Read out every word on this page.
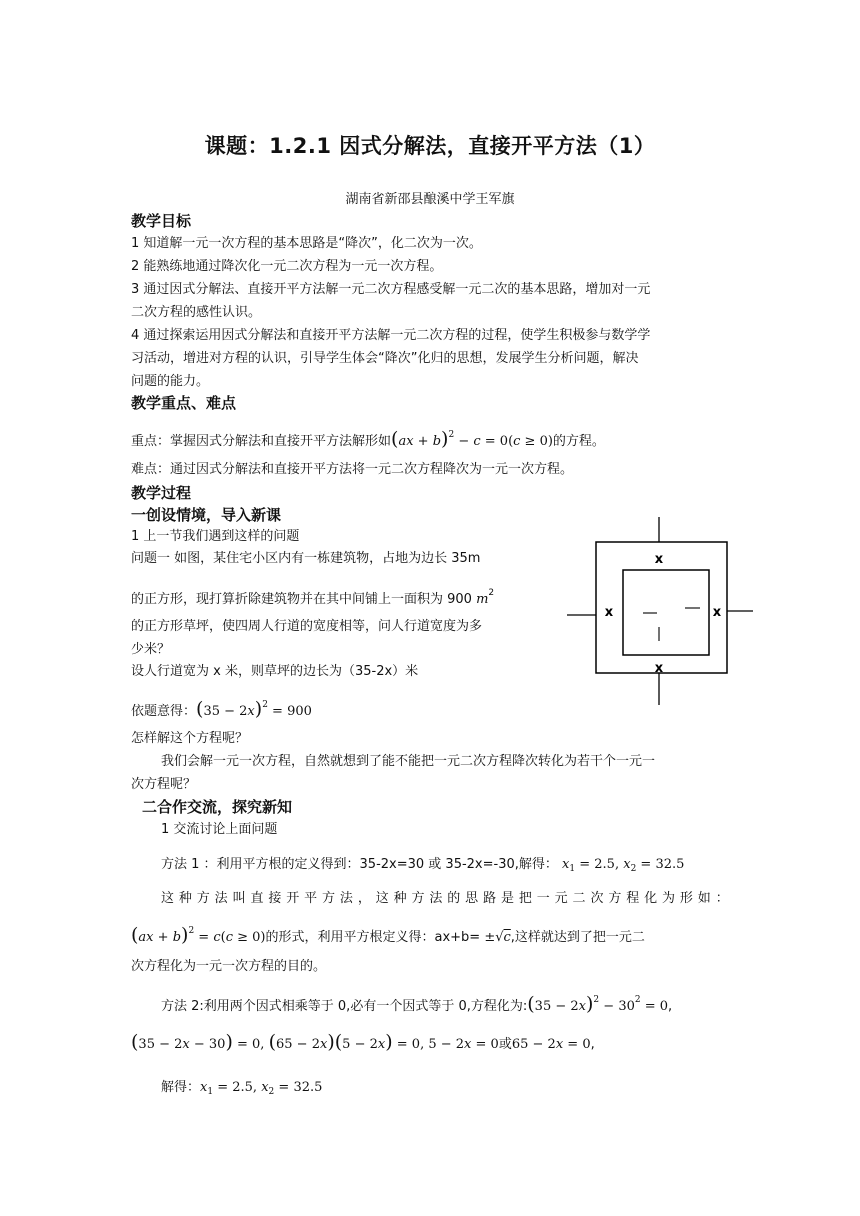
课题：1.2.1 因式分解法，直接开平方法（1）
湖南省新邵县酿溪中学王军旗
教学目标
1 知道解一元一次方程的基本思路是“降次”，化二次为一次。
2 能熟练地通过降次化一元二次方程为一元一次方程。
3 通过因式分解法、直接开平方法解一元二次方程感受解一元二次的基本思路，增加对一元
二次方程的感性认识。
4 通过探索运用因式分解法和直接开平方法解一元二次方程的过程，使学生积极参与数学学
习活动，增进对方程的认识，引导学生体会“降次”化归的思想，发展学生分析问题，解决
问题的能力。
教学重点、难点
重点：掌握因式分解法和直接开平方法解形如(ax + b)$^2$ − c = 0(c ≥ 0)的方程。
难点：通过因式分解法和直接开平方法将一元二次方程降次为一元一次方程。
教学过程
一创设情境，导入新课
1 上一节我们遇到这样的问题
问题一 如图，某住宅小区内有一栋建筑物，占地为边长 35m
的正方形，现打算折除建筑物并在其中间铺上一面积为 900 $m^2$
的正方形草坪，使四周人行道的宽度相等，问人行道宽度为多
少米？
设人行道宽为 x 米，则草坪的边长为（35-2x）米
依题意得：$(35 - 2x)^2 = 900$
怎样解这个方程呢？
我们会解一元一次方程，自然就想到了能不能把一元二次方程降次转化为若干个一元一
次方程呢？
二合作交流，探究新知
1 交流讨论上面问题
方法 1 ：利用平方根的定义得到：35-2x=30 或 35-2x=-30,解得： $x_1 = 2.5$, $x_2 = 32.5$
这种方法叫直接开平方法，这种方法的思路是把一元二次方程化为形如：
(ax + b)$^2$ = c(c ≥ 0)的形式，利用平方根定义得：ax+b= ±√c,这样就达到了把一元二
次方程化为一元一次方程的目的。
方法 2:利用两个因式相乘等于 0,必有一个因式等于 0,方程化为:(35 − $2x)^2 - 30^2 = 0$,
(35 − 2x − 30) = 0, (65 − 2x)(5 − 2x) = 0, 5 − 2x = 0或65 − 2x = 0,
解得：$x_1 = 2.5$, $x_2 = 32.5$
x
x	x
x
